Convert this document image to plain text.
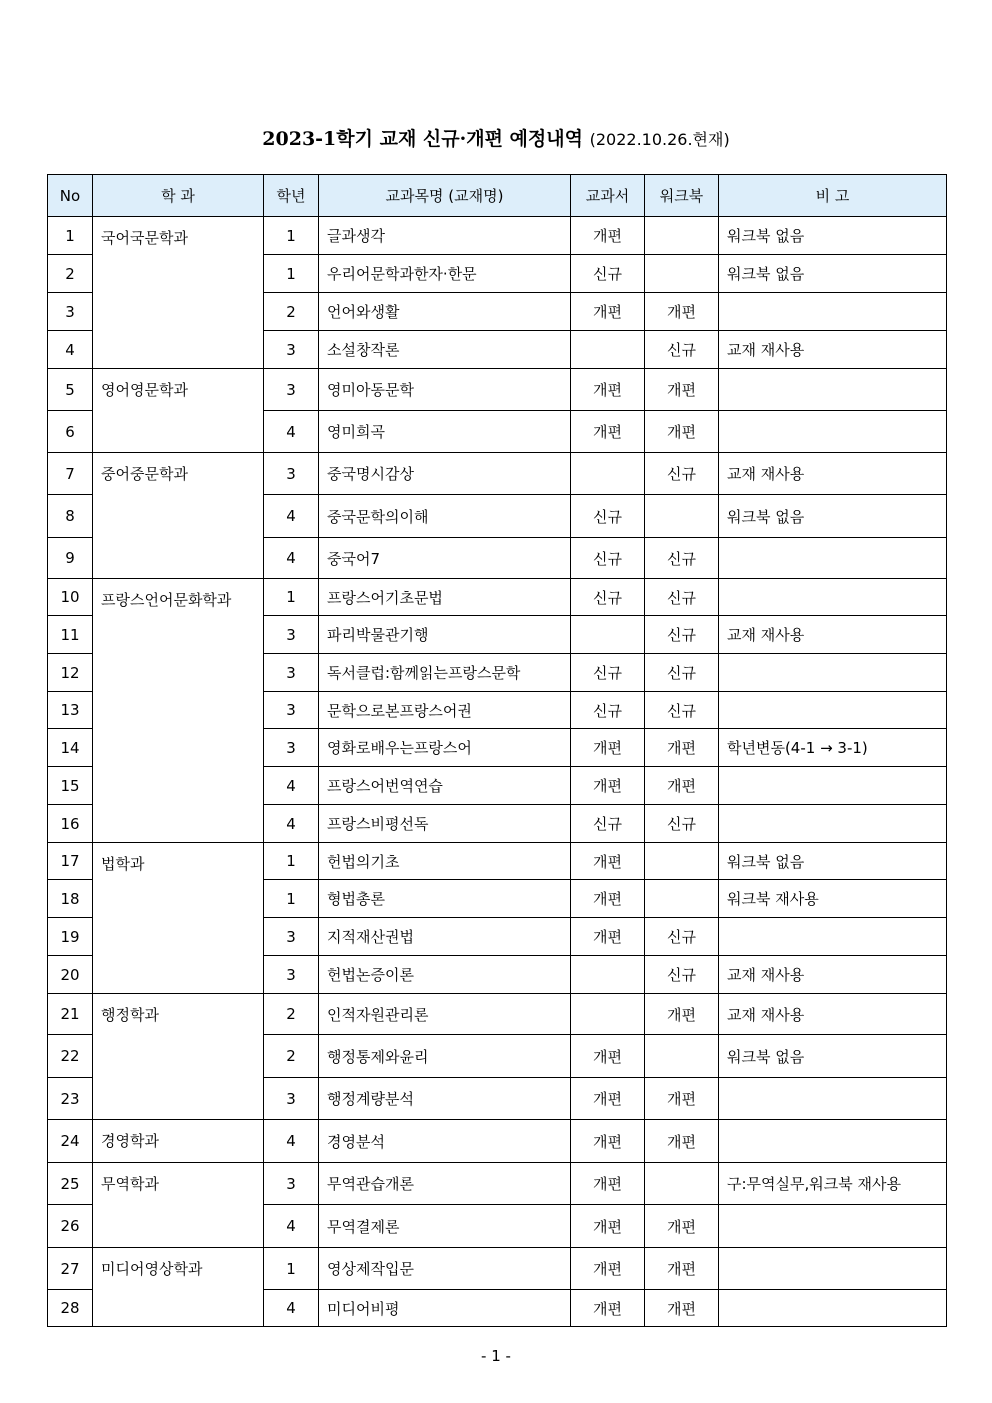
2023-1학기 교재 신규·개편 예정내역 (2022.10.26.현재)
No	학 과	학년	교과목명 (교재명)	교과서	워크북	비 고
1	국어국문학과	1	글과생각	개편		워크북 없음
2		1	우리어문학과한자·한문	신규		워크북 없음
3		2	언어와생활	개편	개편	
4		3	소설창작론		신규	교재 재사용
5	영어영문학과	3	영미아동문학	개편	개편	
6		4	영미희곡	개편	개편	
7	중어중문학과	3	중국명시감상		신규	교재 재사용
8		4	중국문학의이해	신규		워크북 없음
9		4	중국어7	신규	신규	
10	프랑스언어문화학과	1	프랑스어기초문법	신규	신규	
11		3	파리박물관기행		신규	교재 재사용
12		3	독서클럽:함께읽는프랑스문학	신규	신규	
13		3	문학으로본프랑스어권	신규	신규	
14		3	영화로배우는프랑스어	개편	개편	학년변동(4-1 → 3-1)
15		4	프랑스어번역연습	개편	개편	
16		4	프랑스비평선독	신규	신규	
17	법학과	1	헌법의기초	개편		워크북 없음
18		1	형법총론	개편		워크북 재사용
19		3	지적재산권법	개편	신규	
20		3	헌법논증이론		신규	교재 재사용
21	행정학과	2	인적자원관리론		개편	교재 재사용
22		2	행정통제와윤리	개편		워크북 없음
23		3	행정계량분석	개편	개편	
24	경영학과	4	경영분석	개편	개편	
25	무역학과	3	무역관습개론	개편		구:무역실무,워크북 재사용
26		4	무역결제론	개편	개편	
27	미디어영상학과	1	영상제작입문	개편	개편	
28		4	미디어비평	개편	개편	
- 1 -
